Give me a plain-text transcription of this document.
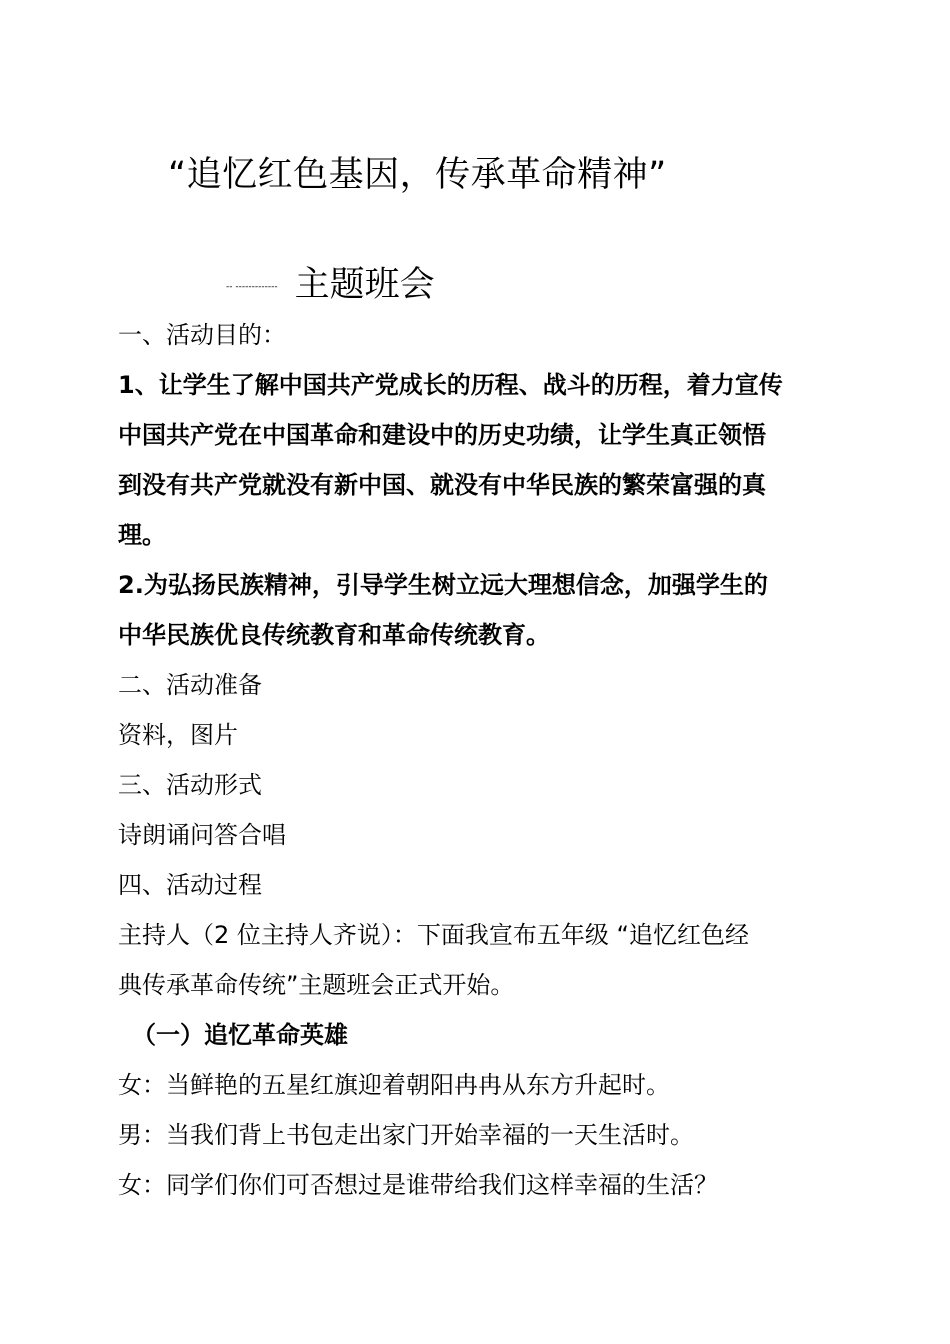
“追忆红色基因，传承革命精神”
-- ------------- 主题班会
一、活动目的：
1、让学生了解中国共产党成长的历程、战斗的历程，着力宣传
中国共产党在中国革命和建设中的历史功绩，让学生真正领悟
到没有共产党就没有新中国、就没有中华民族的繁荣富强的真
理。
2.为弘扬民族精神，引导学生树立远大理想信念，加强学生的
中华民族优良传统教育和革命传统教育。
二、活动准备
资料，图片
三、活动形式
诗朗诵问答合唱
四、活动过程
主持人（2 位主持人齐说）：下面我宣布五年级 “追忆红色经
典传承革命传统”主题班会正式开始。
（一）追忆革命英雄
女：当鲜艳的五星红旗迎着朝阳冉冉从东方升起时。
男：当我们背上书包走出家门开始幸福的一天生活时。
女：同学们你们可否想过是谁带给我们这样幸福的生活？
